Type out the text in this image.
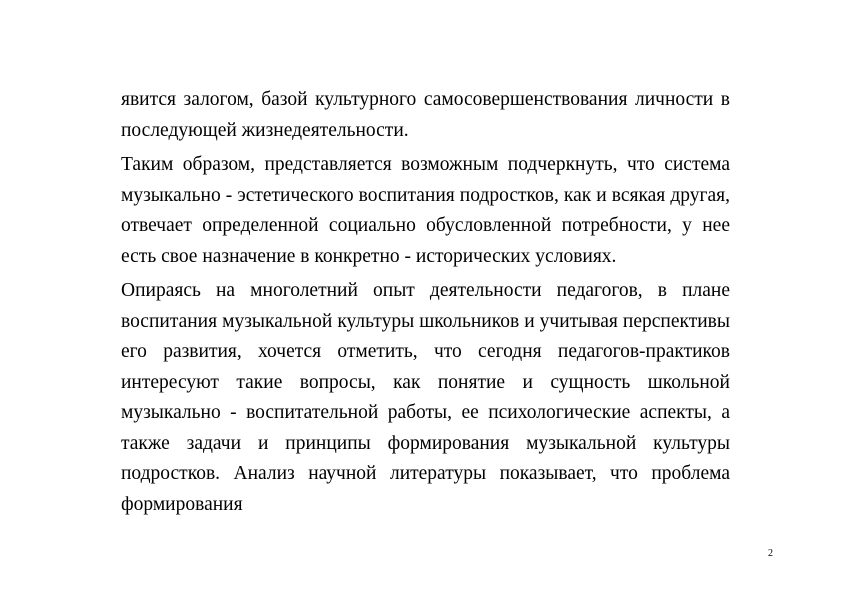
явится залогом, базой культурного самосовершенствования личности в последующей жизнедеятельности.

Таким образом, представляется возможным подчеркнуть, что система музыкально - эстетического воспитания подростков, как и всякая другая, отвечает определенной социально обусловленной потребности, у нее есть свое назначение в конкретно - исторических условиях.

Опираясь на многолетний опыт деятельности педагогов, в плане воспитания музыкальной культуры школьников и учитывая перспективы его развития, хочется отметить, что сегодня педагогов-практиков интересуют такие вопросы, как понятие и сущность школьной музыкально - воспитательной работы, ее психологические аспекты, а также задачи и принципы формирования музыкальной культуры подростков. Анализ научной литературы показывает, что проблема формирования

2
